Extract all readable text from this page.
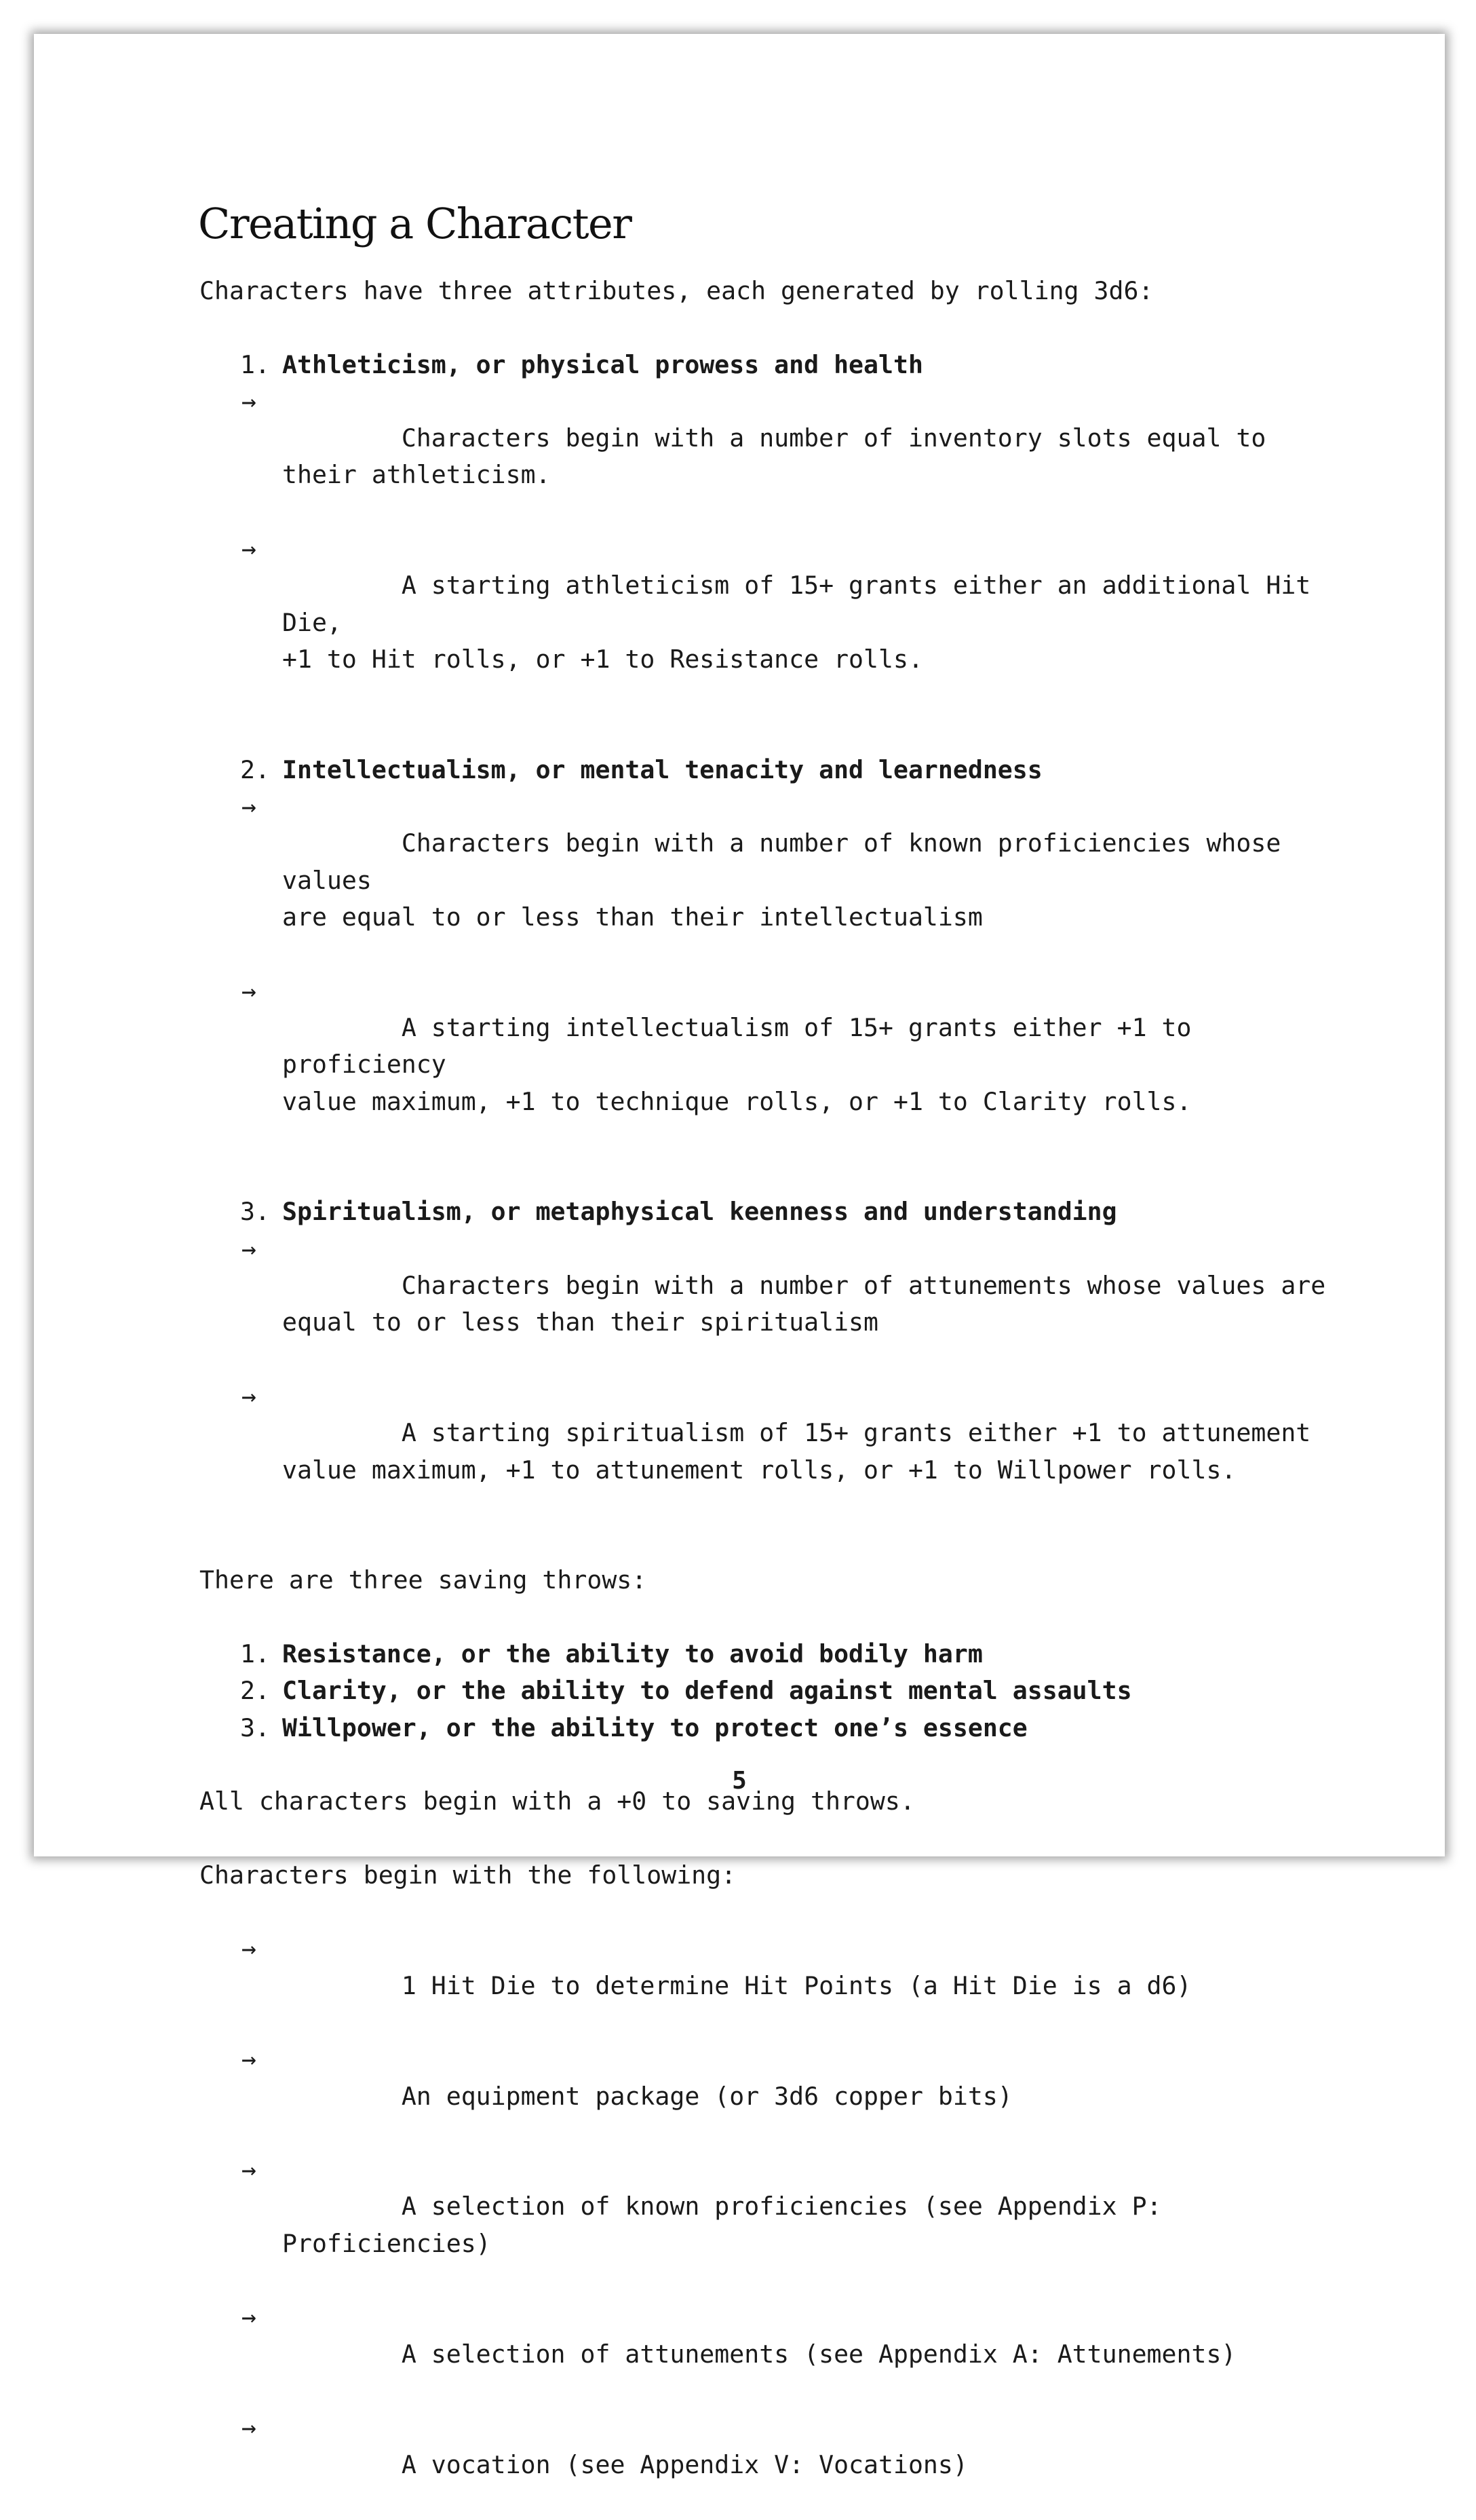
Creating a Character

Characters have three attributes, each generated by rolling 3d6:

1. Athleticism, or physical prowess and health

→
Characters begin with a number of inventory slots equal to
their athleticism.

→
A starting athleticism of 15+ grants either an additional Hit Die,
+1 to Hit rolls, or +1 to Resistance rolls.

2. Intellectualism, or mental tenacity and learnedness

→
Characters begin with a number of known proficiencies whose values
are equal to or less than their intellectualism

→
A starting intellectualism of 15+ grants either +1 to proficiency
value maximum, +1 to technique rolls, or +1 to Clarity rolls.

3. Spiritualism, or metaphysical keenness and understanding

→
Characters begin with a number of attunements whose values are
equal to or less than their spiritualism

→
A starting spiritualism of 15+ grants either +1 to attunement
value maximum, +1 to attunement rolls, or +1 to Willpower rolls.

There are three saving throws:

1. Resistance, or the ability to avoid bodily harm

2. Clarity, or the ability to defend against mental assaults

3. Willpower, or the ability to protect one’s essence

All characters begin with a +0 to saving throws.

Characters begin with the following:

→
1 Hit Die to determine Hit Points (a Hit Die is a d6)

→
An equipment package (or 3d6 copper bits)

→
A selection of known proficiencies (see Appendix P: Proficiencies)

→
A selection of attunements (see Appendix A: Attunements)

→
A vocation (see Appendix V: Vocations)

5
